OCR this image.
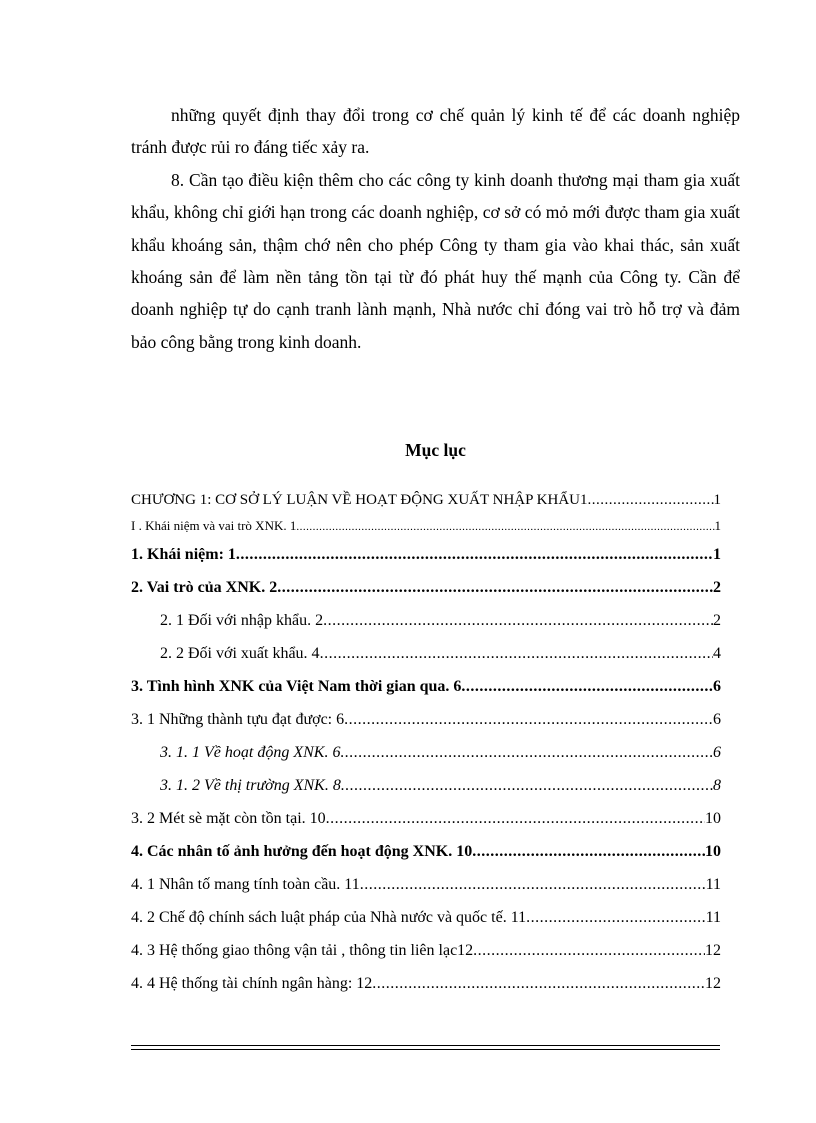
những quyết định thay đổi trong cơ chế quản lý kinh tế để các doanh nghiệp tránh được rủi ro đáng tiếc xảy ra.

8. Cần tạo điều kiện thêm cho các công ty kinh doanh thương mại tham gia xuất khẩu, không chỉ giới hạn trong các doanh nghiệp, cơ sở có mỏ mới được tham gia xuất khẩu khoáng sản, thậm chớ nên cho phép Công ty tham gia vào khai thác, sản xuất khoáng sản để làm nền tảng tồn tại từ đó phát huy thế mạnh của Công ty. Cần để doanh nghiệp tự do cạnh tranh lành mạnh, Nhà nước chỉ đóng vai trò hỗ trợ và đảm bảo công bằng trong kinh doanh.

Mục lục
CHƯƠNG 1: CƠ SỞ LÝ LUẬN VỀ HOẠT ĐỘNG XUẤT NHẬP KHẨU1 .....	1
I . Khái niệm và vai trò XNK. 1 .....	1
1. Khái niệm: 1 .....	1
2. Vai trò của XNK. 2 .....	2
2. 1 Đối với nhập khẩu. 2 .....	2
2. 2 Đối với xuất khẩu. 4 .....	4
3. Tình hình XNK của Việt Nam thời gian qua. 6 .....	6
3. 1 Những thành tựu đạt được: 6 .....	6
3. 1. 1 Về hoạt động XNK. 6 .....	6
3. 1. 2 Về thị trường XNK. 8 .....	8
3. 2 Mét sè mặt còn tồn tại. 10 .....	10
4. Các nhân tố ảnh hưởng đến hoạt động XNK. 10 .....	10
4. 1 Nhân tố mang tính toàn cầu. 11 .....	11
4. 2 Chế độ chính sách luật pháp của Nhà nước và quốc tế. 11 .....	11
4. 3 Hệ thống giao thông vận tải , thông tin liên lạc12 .....	12
4. 4 Hệ thống tài chính ngân hàng: 12 .....	12
